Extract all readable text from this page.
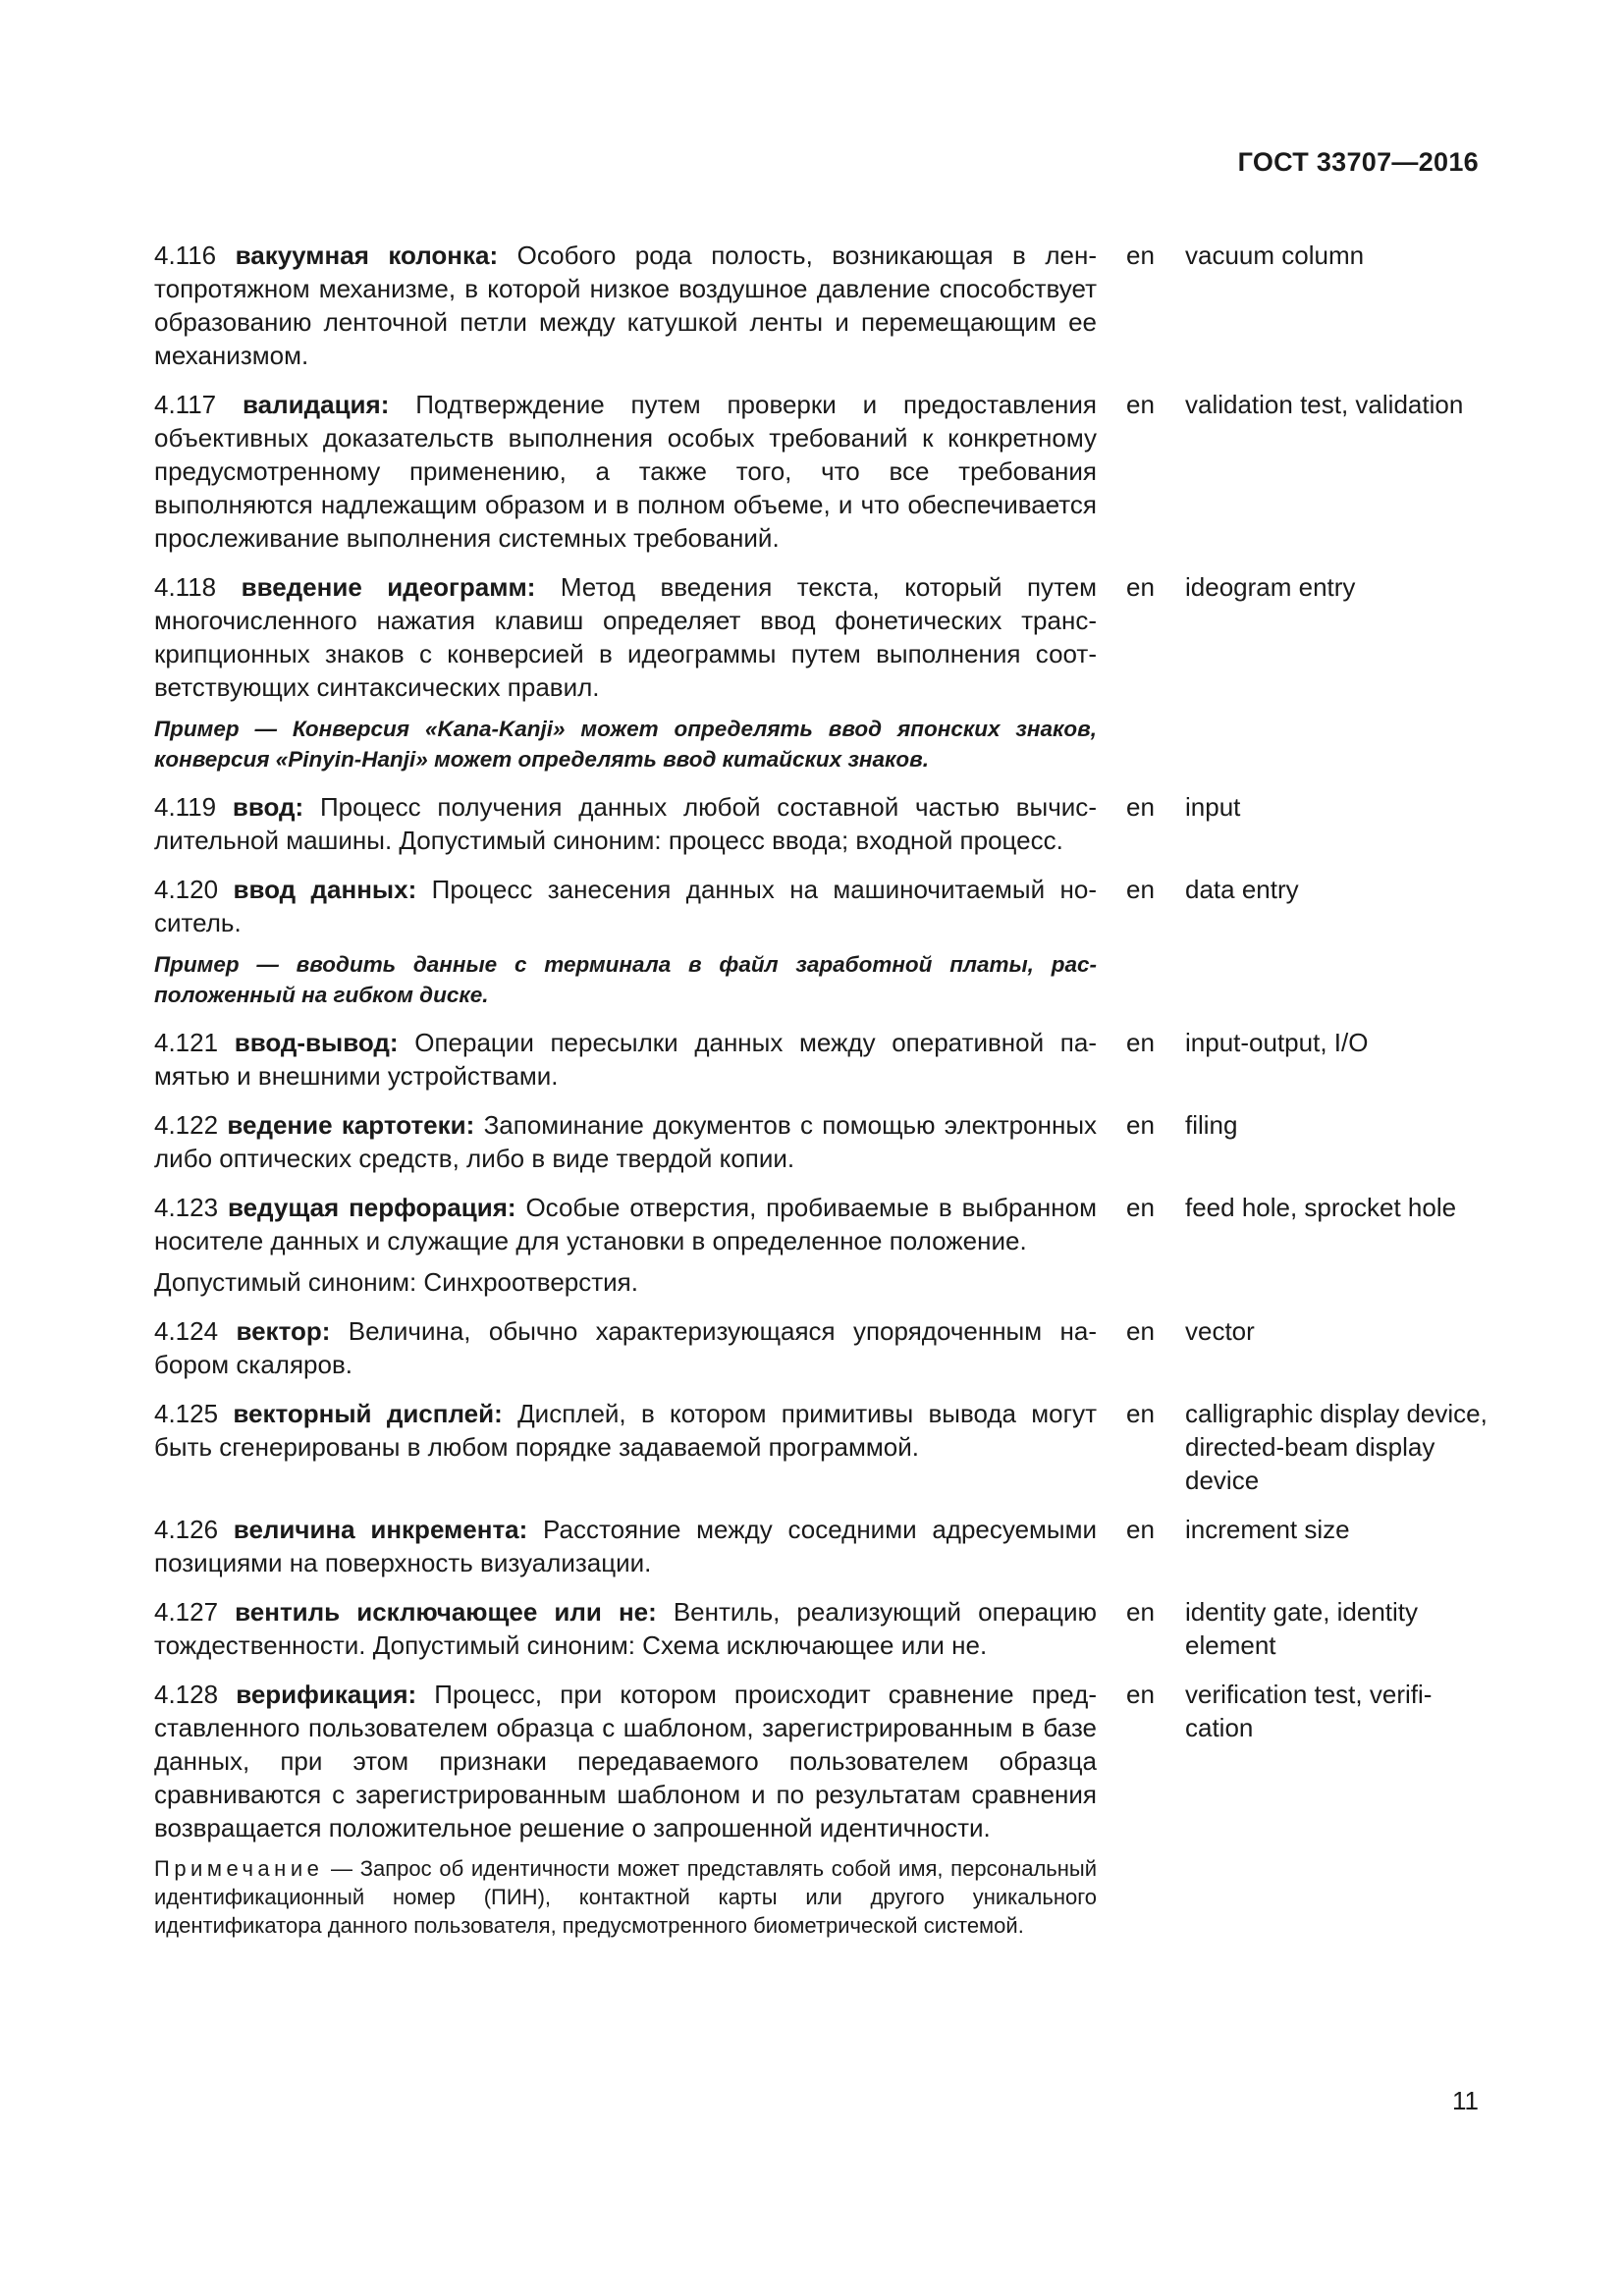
ГОСТ 33707—2016
4.116 вакуумная колонка: Особого рода полость, возникающая в лентопротяжном механизме, в которой низкое воздушное давление способствует образованию ленточной петли между катушкой ленты и перемещающим ее механизмом.
en vacuum column
4.117 валидация: Подтверждение путем проверки и предоставления объективных доказательств выполнения особых требований к конкретному предусмотренному применению, а также того, что все требования выполняются надлежащим образом и в полном объеме, и что обеспечивается прослеживание выполнения системных требований.
en validation test, validation
4.118 введение идеограмм: Метод введения текста, который путем многочисленного нажатия клавиш определяет ввод фонетических транскрипционных знаков с конверсией в идеограммы путем выполнения соответствующих синтаксических правил.
en ideogram entry
Пример — Конверсия «Kana-Kanji» может определять ввод японских знаков, конверсия «Pinyin-Hanji» может определять ввод китайских знаков.
4.119 ввод: Процесс получения данных любой составной частью вычислительной машины. Допустимый синоним: процесс ввода; входной процесс.
en input
4.120 ввод данных: Процесс занесения данных на машиночитаемый носитель.
en data entry
Пример — вводить данные с терминала в файл заработной платы, расположенный на гибком диске.
4.121 ввод-вывод: Операции пересылки данных между оперативной памятью и внешними устройствами.
en input-output, I/O
4.122 ведение картотеки: Запоминание документов с помощью электронных либо оптических средств, либо в виде твердой копии.
en filing
4.123 ведущая перфорация: Особые отверстия, пробиваемые в выбранном носителе данных и служащие для установки в определенное положение.
en feed hole, sprocket hole
Допустимый синоним: Синхроотверстия.
4.124 вектор: Величина, обычно характеризующаяся упорядоченным набором скаляров.
en vector
4.125 векторный дисплей: Дисплей, в котором примитивы вывода могут быть сгенерированы в любом порядке задаваемой программой.
en calligraphic display device, directed-beam display device
4.126 величина инкремента: Расстояние между соседними адресуемыми позициями на поверхность визуализации.
en increment size
4.127 вентиль исключающее или не: Вентиль, реализующий операцию тождественности. Допустимый синоним: Схема исключающее или не.
en identity gate, identity element
4.128 верификация: Процесс, при котором происходит сравнение представленного пользователем образца с шаблоном, зарегистрированным в базе данных, при этом признаки передаваемого пользователем образца сравниваются с зарегистрированным шаблоном и по результатам сравнения возвращается положительное решение о запрошенной идентичности.
en verification test, verification
Примечание — Запрос об идентичности может представлять собой имя, персональный идентификационный номер (ПИН), контактной карты или другого уникального идентификатора данного пользователя, предусмотренного биометрической системой.
11
